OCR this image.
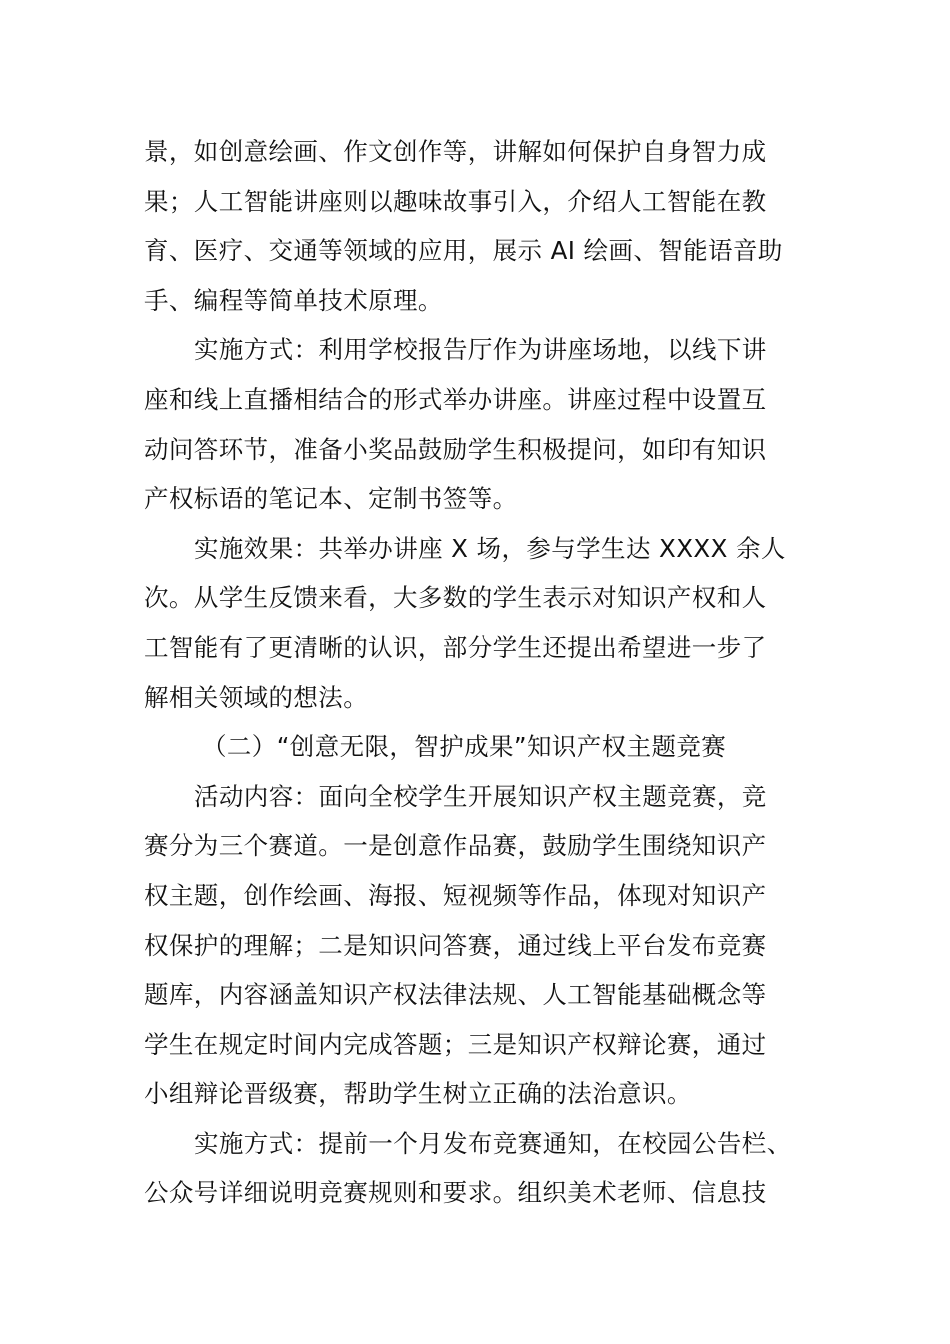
景，如创意绘画、作文创作等，讲解如何保护自身智力成
果；人工智能讲座则以趣味故事引入，介绍人工智能在教
育、医疗、交通等领域的应用，展示 AI 绘画、智能语音助
手、编程等简单技术原理。
实施方式：利用学校报告厅作为讲座场地，以线下讲
座和线上直播相结合的形式举办讲座。讲座过程中设置互
动问答环节，准备小奖品鼓励学生积极提问，如印有知识
产权标语的笔记本、定制书签等。
实施效果：共举办讲座 X 场，参与学生达 XXXX 余人
次。从学生反馈来看，大多数的学生表示对知识产权和人
工智能有了更清晰的认识，部分学生还提出希望进一步了
解相关领域的想法。
（二）“创意无限，智护成果”知识产权主题竞赛
活动内容：面向全校学生开展知识产权主题竞赛，竞
赛分为三个赛道。一是创意作品赛，鼓励学生围绕知识产
权主题，创作绘画、海报、短视频等作品，体现对知识产
权保护的理解；二是知识问答赛，通过线上平台发布竞赛
题库，内容涵盖知识产权法律法规、人工智能基础概念等
学生在规定时间内完成答题；三是知识产权辩论赛，通过
小组辩论晋级赛，帮助学生树立正确的法治意识。
实施方式：提前一个月发布竞赛通知，在校园公告栏、
公众号详细说明竞赛规则和要求。组织美术老师、信息技
